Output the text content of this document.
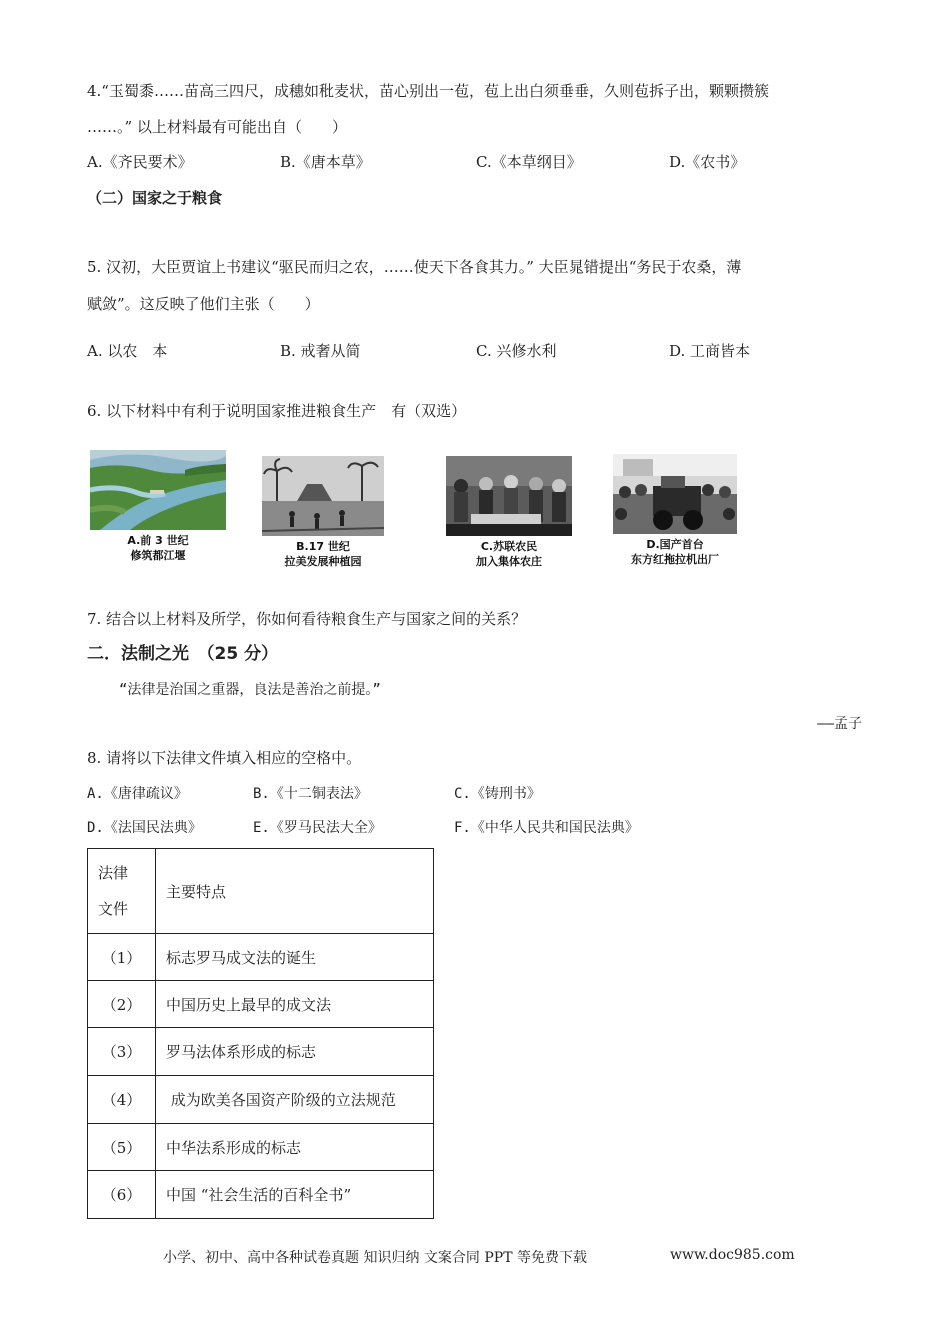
4.“玉蜀黍……苗高三四尺，成穗如秕麦状，苗心别出一苞，苞上出白须垂垂，久则苞拆子出，颗颗攒簇
……。” 以上材料最有可能出自（　　）
A.《齐民要术》	B.《唐本草》	C.《本草纲目》	D.《农书》
（二）国家之于粮食
5. 汉初，大臣贾谊上书建议“驱民而归之农，……使天下各食其力。” 大臣晁错提出“务民于农桑，薄
赋敛”。这反映了他们主张（　　）
A. 以农　本	B. 戒奢从简	C. 兴修水利	D. 工商皆本
6. 以下材料中有利于说明国家推进粮食生产　有（双选）
A.前 3 世纪
修筑都江堰
B.17 世纪
拉美发展种植园
C.苏联农民
加入集体农庄
D.国产首台
东方红拖拉机出厂
7. 结合以上材料及所学，你如何看待粮食生产与国家之间的关系？
二．法制之光　（25 分）
“法律是治国之重器，良法是善治之前提。”
——孟子
8. 请将以下法律文件填入相应的空格中。
A.《唐律疏议》	B.《十二铜表法》	C.《铸刑书》
D.《法国民法典》	E.《罗马民法大全》	F.《中华人民共和国民法典》
法律
文件	主要特点
（1）	标志罗马成文法的诞生
（2）	中国历史上最早的成文法
（3）	罗马法体系形成的标志
（4）	成为欧美各国资产阶级的立法规范
（5）	中华法系形成的标志
（6）	中国 “社会生活的百科全书”
小学、初中、高中各种试卷真题 知识归纳 文案合同 PPT 等免费下载	www.doc985.com
